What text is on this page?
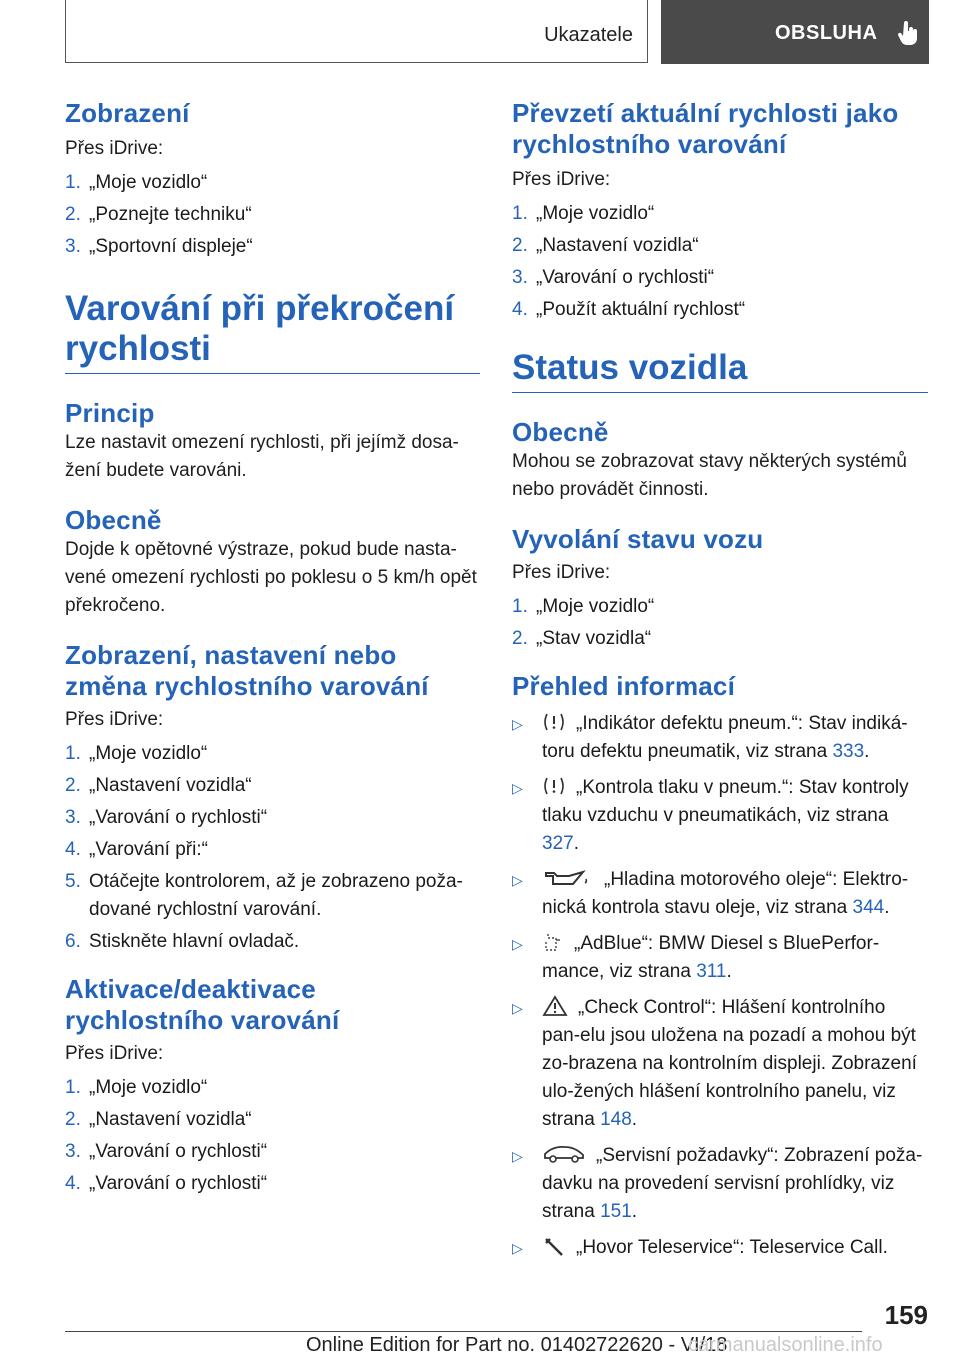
Ukazatele	OBSLUHA
Zobrazení

Přes iDrive:

1. „Moje vozidlo“
2. „Poznejte techniku“
3. „Sportovní displeje“
Varování při překročení rychlosti
Princip

Lze nastavit omezení rychlosti, při jejímž dosa-žení budete varováni.

Obecně

Dojde k opětovné výstraze, pokud bude nasta-vené omezení rychlosti po poklesu o 5 km/h opět překročeno.

Zobrazení, nastavení nebo změna rychlostního varování

Přes iDrive:

1. „Moje vozidlo“
2. „Nastavení vozidla“
3. „Varování o rychlosti“
4. „Varování při:“
5. Otáčejte kontrolorem, až je zobrazeno poža-dované rychlostní varování.
6. Stiskněte hlavní ovladač.
Aktivace/deaktivace rychlostního varování

Přes iDrive:

1. „Moje vozidlo“
2. „Nastavení vozidla“
3. „Varování o rychlosti“
4. „Varování o rychlosti“
Převzetí aktuální rychlosti jako rychlostního varování

Přes iDrive:

1. „Moje vozidlo“
2. „Nastavení vozidla“
3. „Varování o rychlosti“
4. „Použít aktuální rychlost“
Status vozidla
Obecně

Mohou se zobrazovat stavy některých systémů nebo provádět činnosti.

Vyvolání stavu vozu

Přes iDrive:

1. „Moje vozidlo“
2. „Stav vozidla“
Přehled informací
▷	„Indikátor defektu pneum.“: Stav indiká-toru defektu pneumatik, viz strana 333.
▷	„Kontrola tlaku v pneum.“: Stav kontroly tlaku vzduchu v pneumatikách, viz strana 327.
▷	„Hladina motorového oleje“: Elektro-nická kontrola stavu oleje, viz strana 344.
▷	„AdBlue“: BMW Diesel s BluePerfor-mance, viz strana 311.
▷	„Check Control“: Hlášení kontrolního pan-elu jsou uložena na pozadí a mohou být zo-brazena na kontrolním displeji. Zobrazení ulo-žených hlášení kontrolního panelu, viz strana 148.
▷	„Servisní požadavky“: Zobrazení poža-davku na provedení servisní prohlídky, viz strana 151.
▷	„Hovor Teleservice“: Teleservice Call.
159
Online Edition for Part no. 01402722620 - VI/18
carmanualsonline.info
